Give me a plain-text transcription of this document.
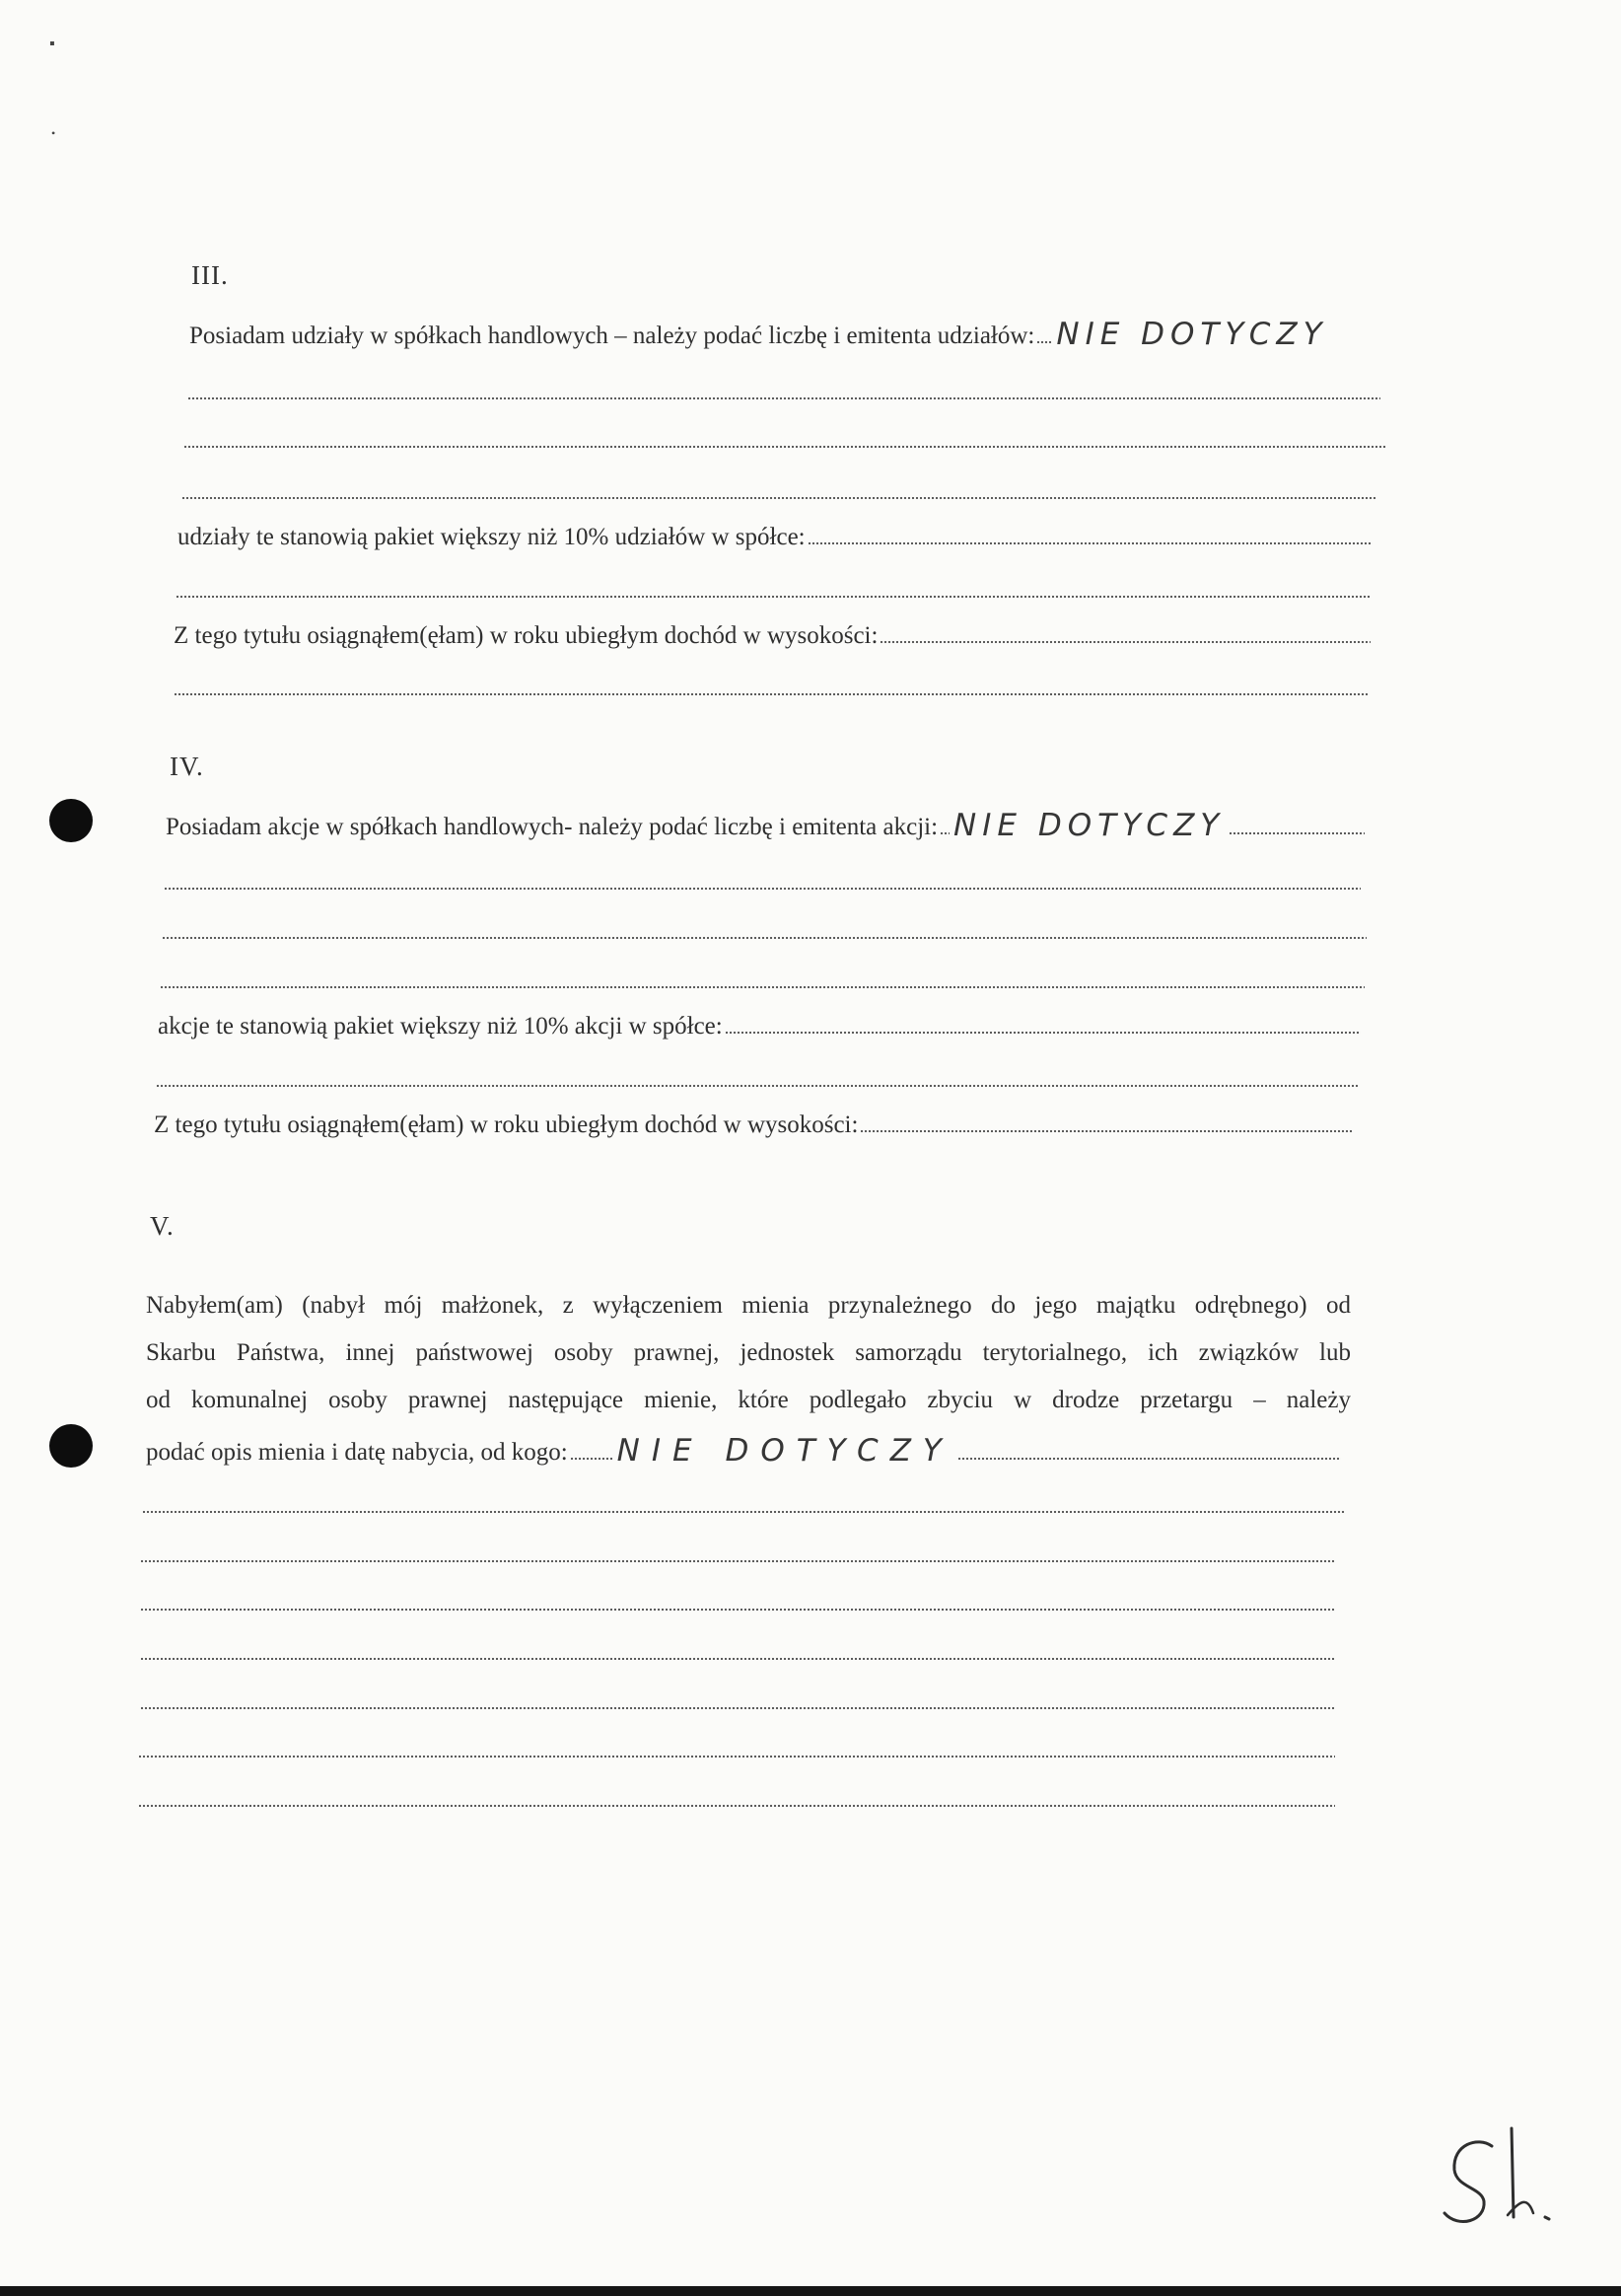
▪
•
III.
Posiadam udziały w spółkach handlowych – należy podać liczbę i emitenta udziałów: NIE DOTYCZY
udziały te stanowią pakiet większy niż 10% udziałów w spółce:
Z tego tytułu osiągnąłem(ęłam) w roku ubiegłym dochód w wysokości:
IV.
Posiadam akcje w spółkach handlowych- należy podać liczbę i emitenta akcji: NIE DOTYCZY
akcje te stanowią pakiet większy niż 10% akcji w spółce:
Z tego tytułu osiągnąłem(ęłam) w roku ubiegłym dochód w wysokości:
V.
Nabyłem(am) (nabył mój małżonek, z wyłączeniem mienia przynależnego do jego majątku odrębnego) od
Skarbu Państwa, innej państwowej osoby prawnej, jednostek samorządu terytorialnego, ich związków lub
od komunalnej osoby prawnej następujące mienie, które podlegało zbyciu w drodze przetargu – należy
podać opis mienia i datę nabycia, od kogo: NIE DOTYCZY
